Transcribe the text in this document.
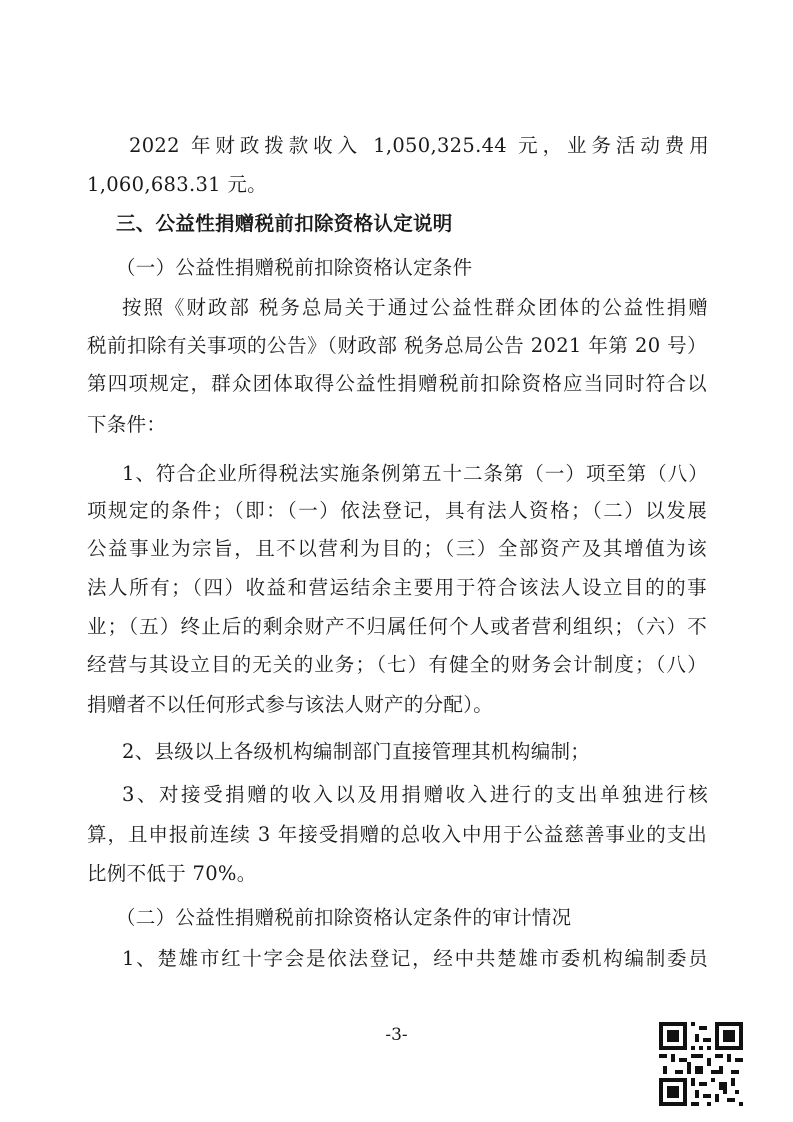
2022 年财政拨款收入 1,050,325.44 元，业务活动费用
1,060,683.31 元。
三、公益性捐赠税前扣除资格认定说明
（一）公益性捐赠税前扣除资格认定条件
按照《财政部 税务总局关于通过公益性群众团体的公益性捐赠
税前扣除有关事项的公告》（财政部 税务总局公告 2021 年第 20 号）
第四项规定，群众团体取得公益性捐赠税前扣除资格应当同时符合以
下条件：
1、符合企业所得税法实施条例第五十二条第（一）项至第（八）
项规定的条件；（即：（一）依法登记，具有法人资格；（二）以发展
公益事业为宗旨，且不以营利为目的；（三）全部资产及其增值为该
法人所有；（四）收益和营运结余主要用于符合该法人设立目的的事
业；（五）终止后的剩余财产不归属任何个人或者营利组织；（六）不
经营与其设立目的无关的业务；（七）有健全的财务会计制度；（八）
捐赠者不以任何形式参与该法人财产的分配）。
2、县级以上各级机构编制部门直接管理其机构编制；
3、对接受捐赠的收入以及用捐赠收入进行的支出单独进行核
算，且申报前连续 3 年接受捐赠的总收入中用于公益慈善事业的支出
比例不低于 70%。
（二）公益性捐赠税前扣除资格认定条件的审计情况
1、楚雄市红十字会是依法登记，经中共楚雄市委机构编制委员
-3-
